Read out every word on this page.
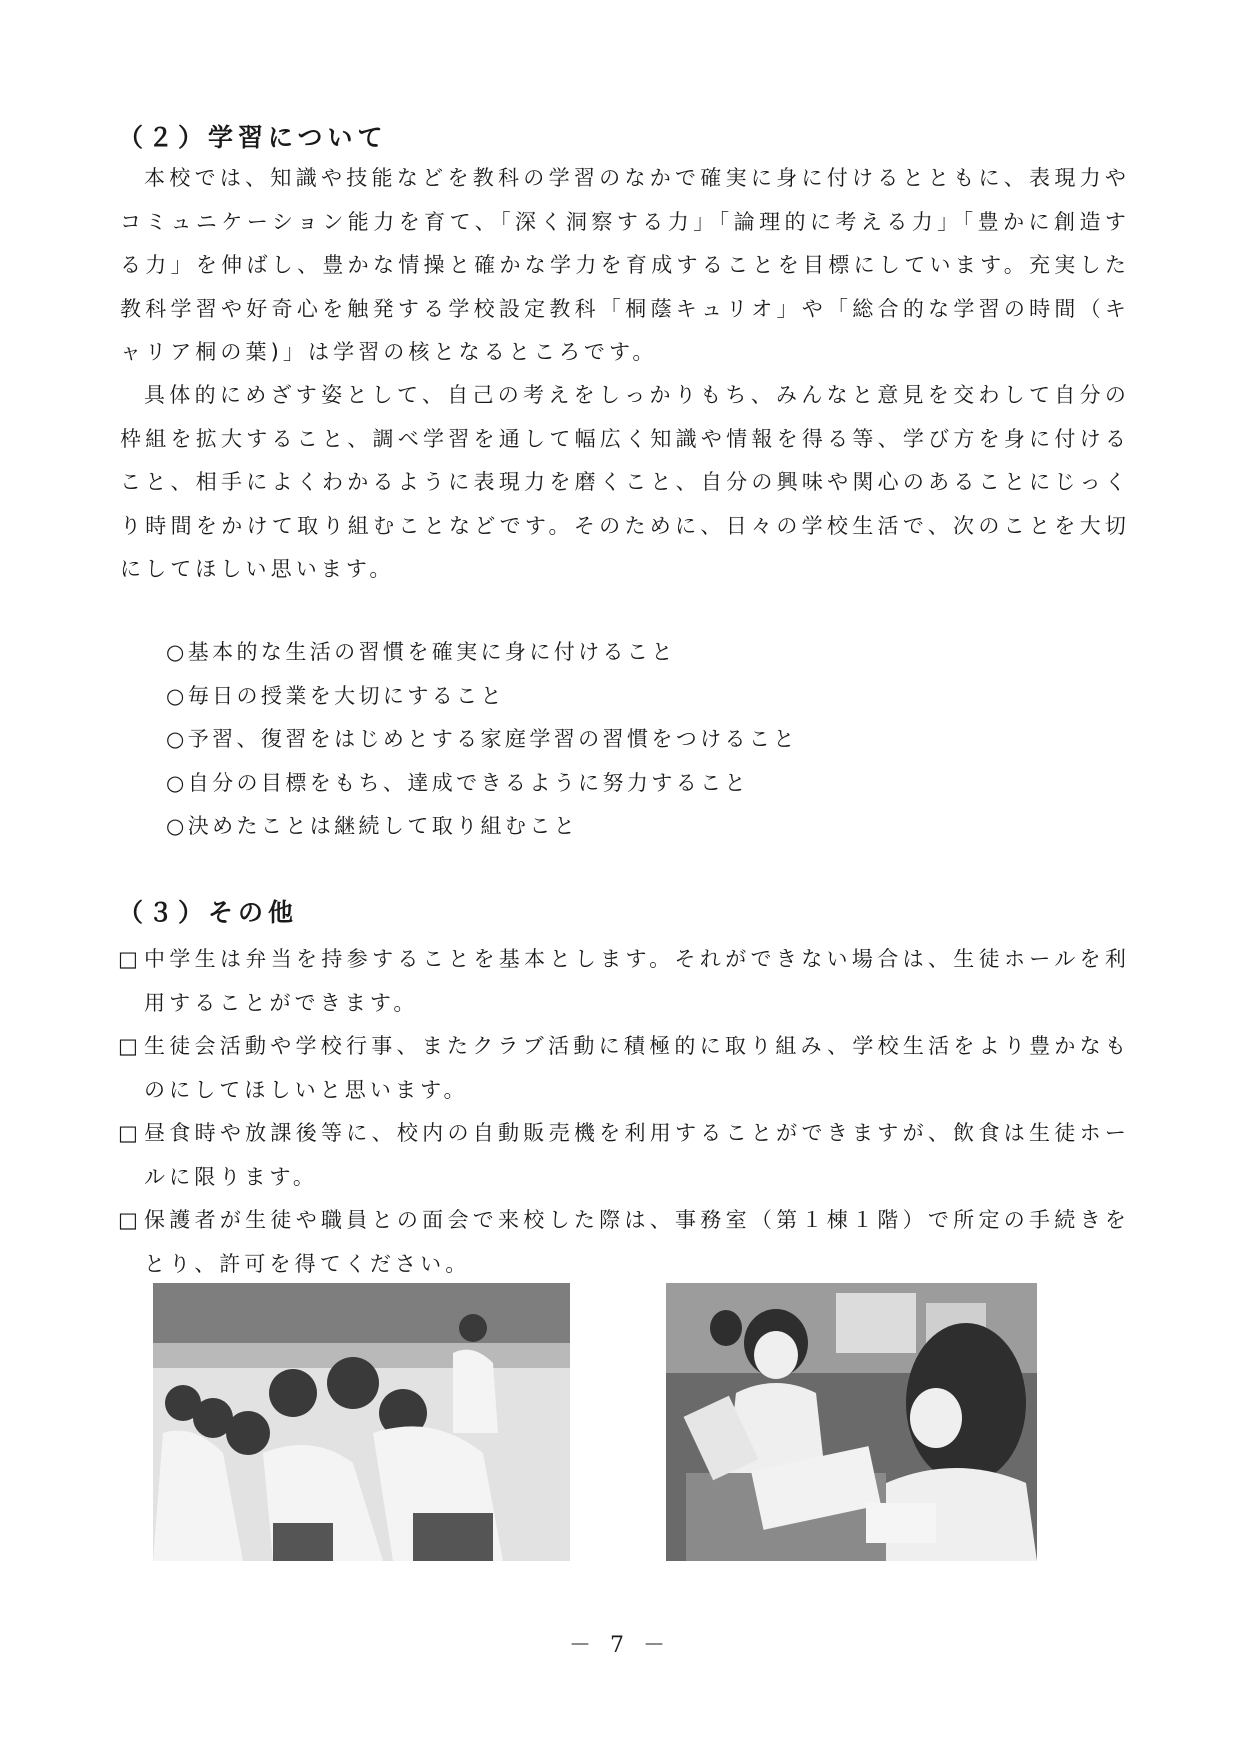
（２）学習について

本校では、知識や技能などを教科の学習のなかで確実に身に付けるとともに、表現力やコミュニケーション能力を育て、「深く洞察する力」「論理的に考える力」「豊かに創造する力」を伸ばし、豊かな情操と確かな学力を育成することを目標にしています。充実した教科学習や好奇心を触発する学校設定教科「桐蔭キュリオ」や「総合的な学習の時間（キャリア桐の葉)」は学習の核となるところです。

具体的にめざす姿として、自己の考えをしっかりもち、みんなと意見を交わして自分の枠組を拡大すること、調べ学習を通して幅広く知識や情報を得る等、学び方を身に付けること、相手によくわかるように表現力を磨くこと、自分の興味や関心のあることにじっくり時間をかけて取り組むことなどです。そのために、日々の学校生活で、次のことを大切にしてほしい思います。

○基本的な生活の習慣を確実に身に付けること
○毎日の授業を大切にすること
○予習、復習をはじめとする家庭学習の習慣をつけること
○自分の目標をもち、達成できるように努力すること
○決めたことは継続して取り組むこと
（３）その他
□ 中学生は弁当を持参することを基本とします。それができない場合は、生徒ホールを利用することができます。
□ 生徒会活動や学校行事、またクラブ活動に積極的に取り組み、学校生活をより豊かなものにしてほしいと思います。
□ 昼食時や放課後等に、校内の自動販売機を利用することができますが、飲食は生徒ホールに限ります。
□ 保護者が生徒や職員との面会で来校した際は、事務室（第１棟１階）で所定の手続きをとり、許可を得てください。
－ 7 －
